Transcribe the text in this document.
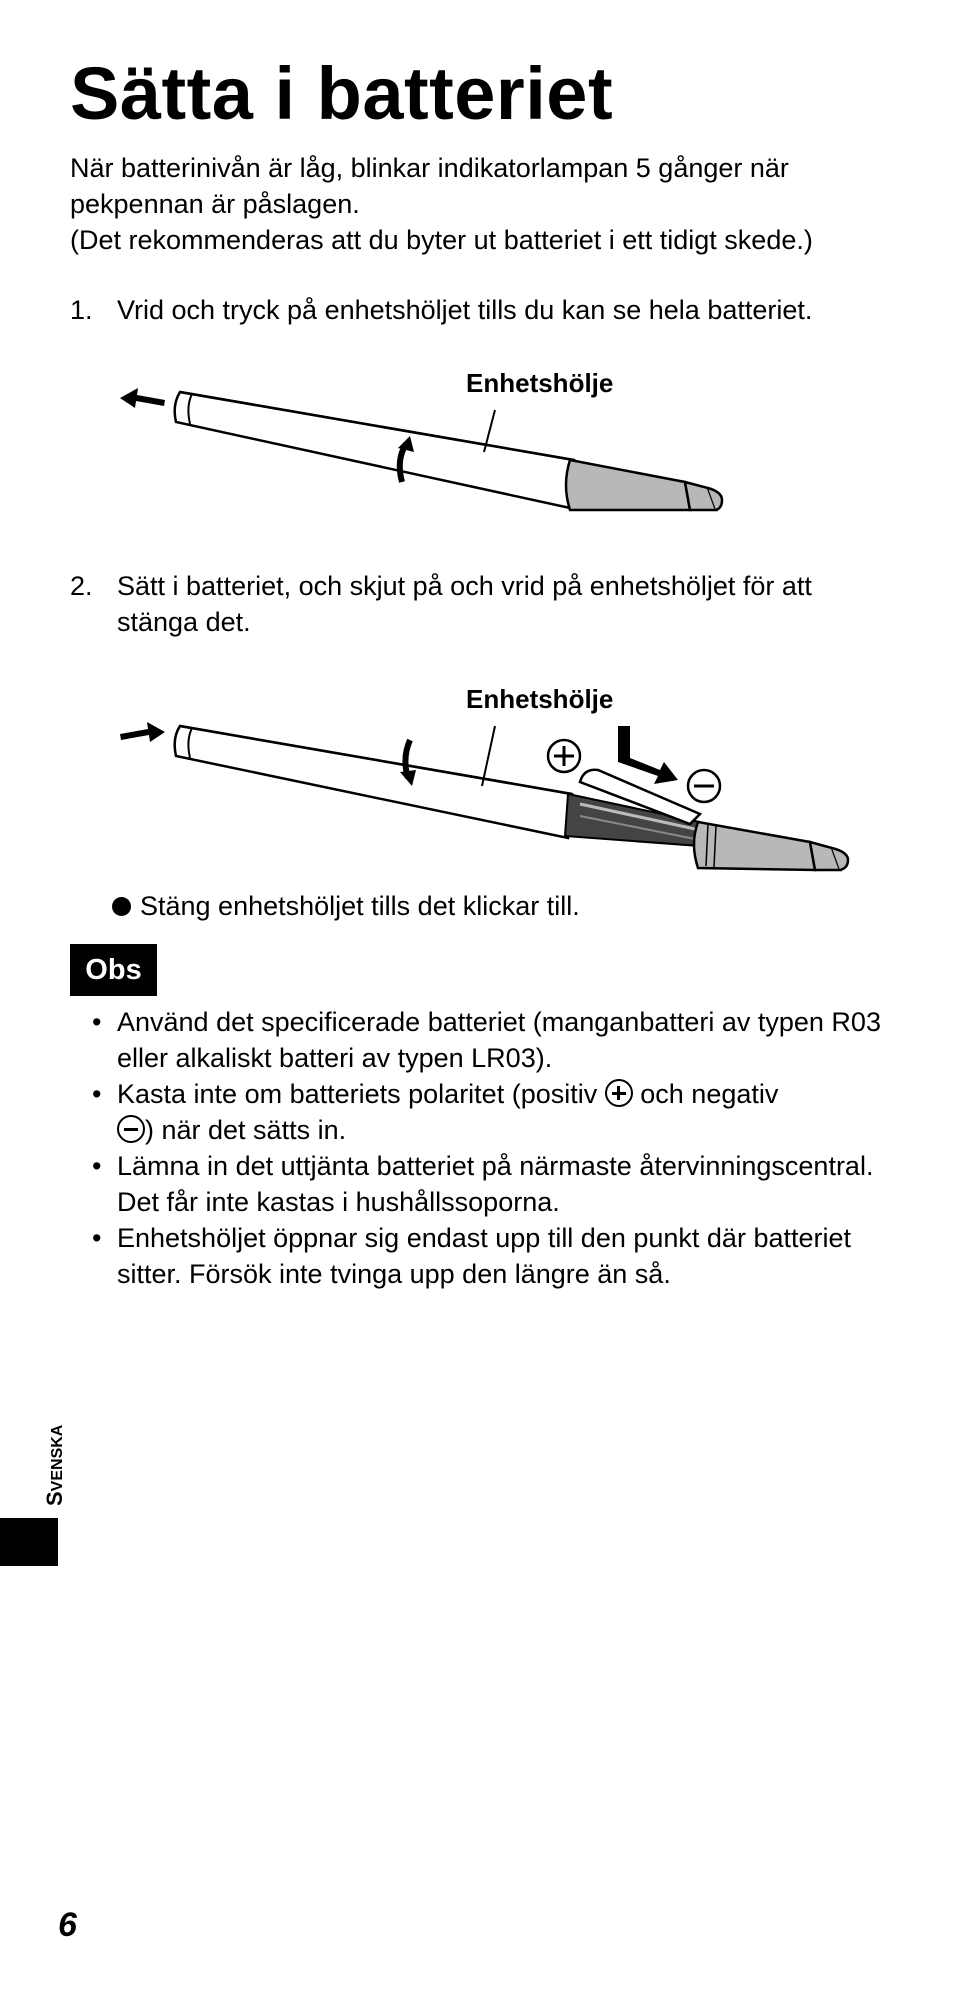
Sätta i batteriet

När batterinivån är låg, blinkar indikatorlampan 5 gånger när pekpennan är påslagen.

(Det rekommenderas att du byter ut batteriet i ett tidigt skede.)

1. Vrid och tryck på enhetshöljet tills du kan se hela batteriet.
Enhetshölje
2. Sätt i batteriet, och skjut på och vrid på enhetshöljet för att stänga det.
Enhetshölje
Stäng enhetshöljet tills det klickar till.
Obs
• Använd det specificerade batteriet (manganbatteri av typen R03 eller alkaliskt batteri av typen LR03).
• Kasta inte om batteriets polaritet (positiv och negativ

) när det sätts in.
• Lämna in det uttjänta batteriet på närmaste återvinningscentral. Det får inte kastas i hushållssoporna.
• Enhetshöljet öppnar sig endast upp till den punkt där batteriet sitter. Försök inte tvinga upp den längre än så.
SVENSKA
6
